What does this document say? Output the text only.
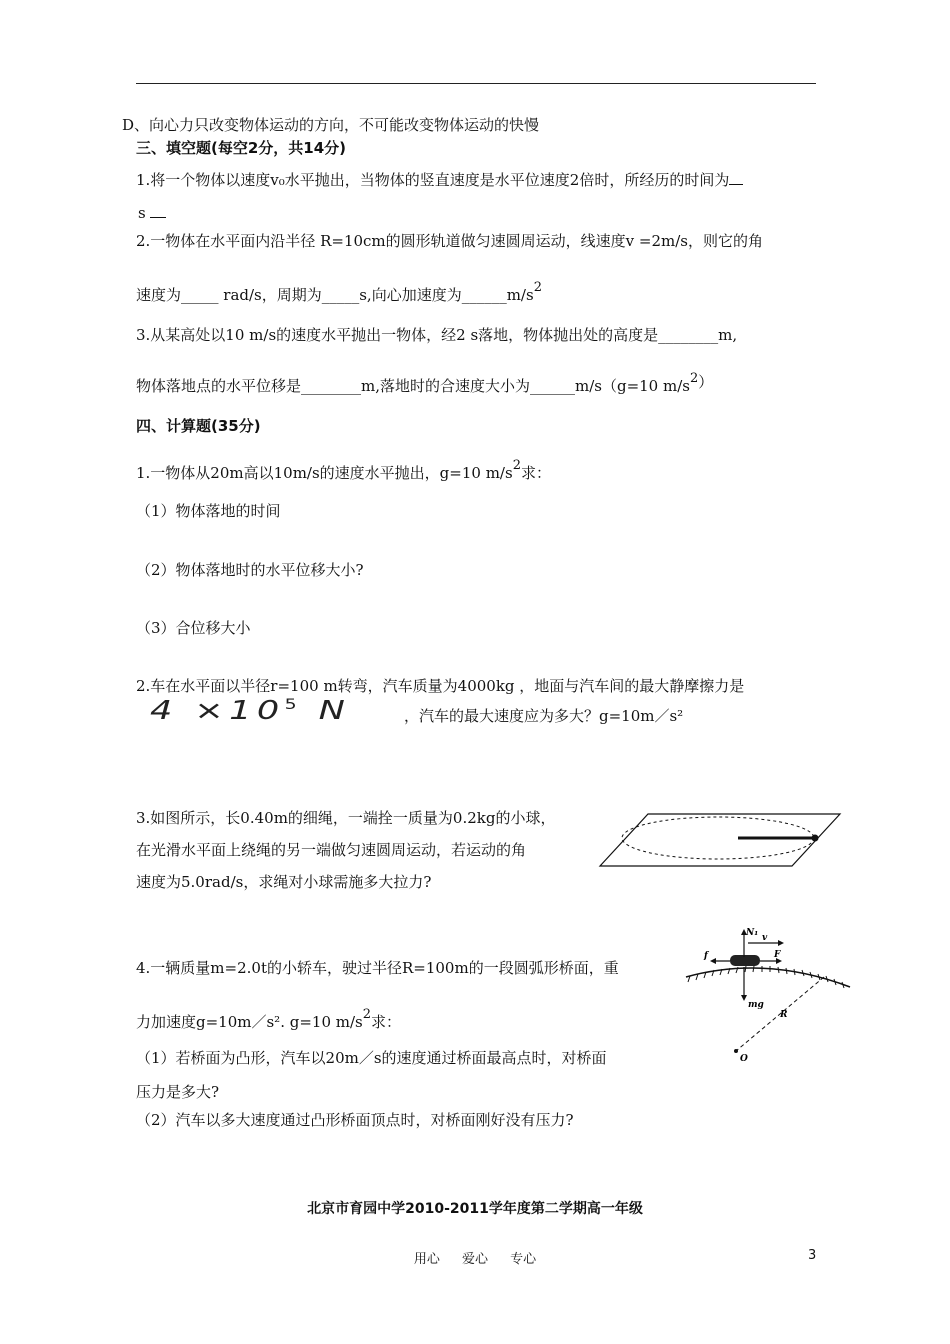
D、向心力只改变物体运动的方向，不可能改变物体运动的快慢
三、填空题(每空2分，共14分)
1.将一个物体以速度v₀水平抛出，当物体的竖直速度是水平位速度2倍时，所经历的时间为
s
2.一物体在水平面内沿半径 R=10cm的圆形轨道做匀速圆周运动，线速度v =2m/s，则它的角
速度为_____ rad/s，周期为_____s,向心加速度为______m/s2
3.从某高处以10 m/s的速度水平抛出一物体，经2 s落地，物体抛出处的高度是________m,
物体落地点的水平位移是________m,落地时的合速度大小为______m/s（g=10 m/s2）
四、计算题(35分)
1.一物体从20m高以10m/s的速度水平抛出，g=10 m/s2求：
（1）物体落地的时间
（2）物体落地时的水平位移大小?
（3）合位移大小
2.车在水平面以半径r=100 m转弯，汽车质量为4000kg ，地面与汽车间的最大静摩擦力是
$4 \times 10^5$ N	，汽车的最大速度应为多大？g=10m／s²
3.如图所示，长0.40m的细绳，一端拴一质量为0.2kg的小球，
在光滑水平面上绕绳的另一端做匀速圆周运动，若运动的角
速度为5.0rad/s，求绳对小球需施多大拉力?
4.一辆质量m=2.0t的小轿车，驶过半径R=100m的一段圆弧形桥面，重
力加速度g=10m／s². g=10 m/s2求：
（1）若桥面为凸形，汽车以20m／s的速度通过桥面最高点时，对桥面
压力是多大?
（2）汽车以多大速度通过凸形桥面顶点时，对桥面刚好没有压力?
N₁ v
f	F
mg
R
O
北京市育园中学2010-2011学年度第二学期高一年级
用心 爱心 专心	3
